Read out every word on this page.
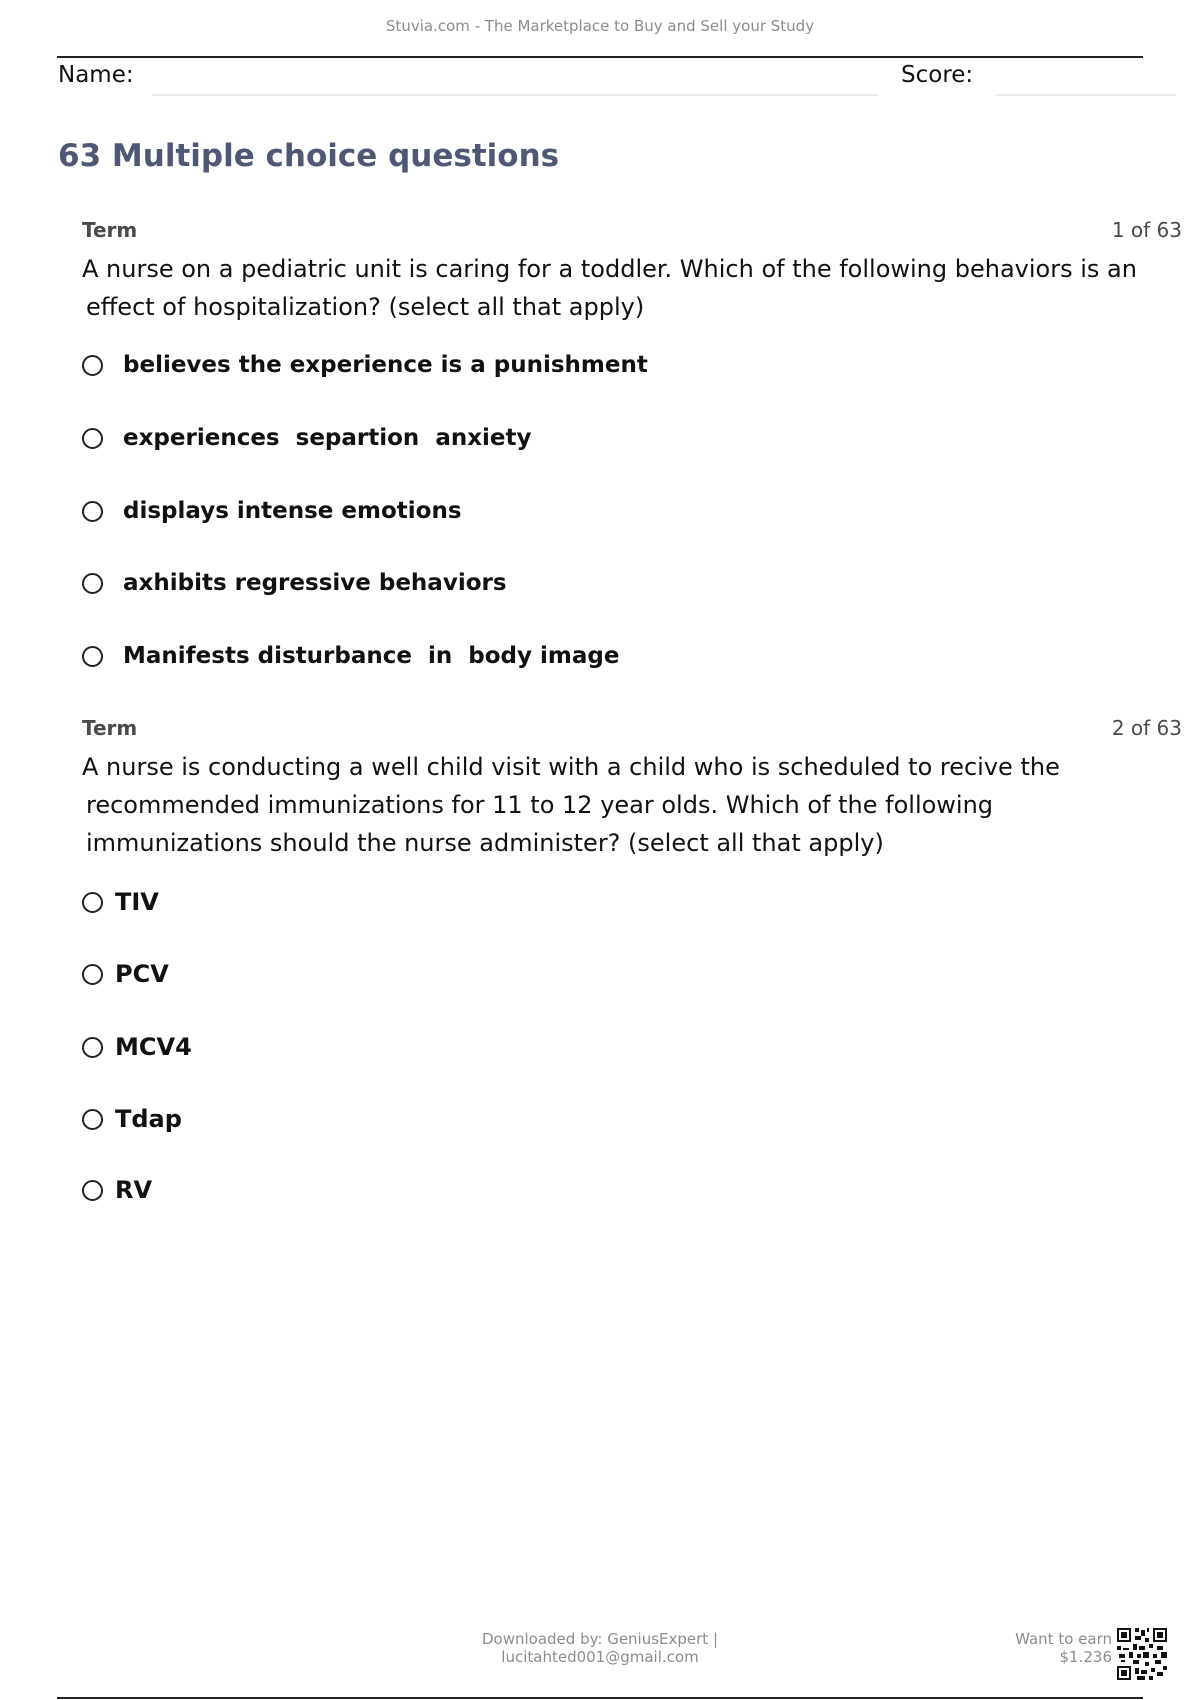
Stuvia.com - The Marketplace to Buy and Sell your Study
Name:	Score:
63 Multiple choice questions
Term	1 of 63
A nurse on a pediatric unit is caring for a toddler. Which of the following behaviors is an
effect of hospitalization? (select all that apply)
believes the experience is a punishment
experiences  separtion  anxiety
displays intense emotions
axhibits regressive behaviors
Manifests disturbance  in  body image
Term	2 of 63
A nurse is conducting a well child visit with a child who is scheduled to recive the
recommended immunizations for 11 to 12 year olds. Which of the following
immunizations should the nurse administer? (select all that apply)
TIV
PCV
MCV4
Tdap
RV
Downloaded by: GeniusExpert |
lucitahted001@gmail.com
Want to earn
$1.236
